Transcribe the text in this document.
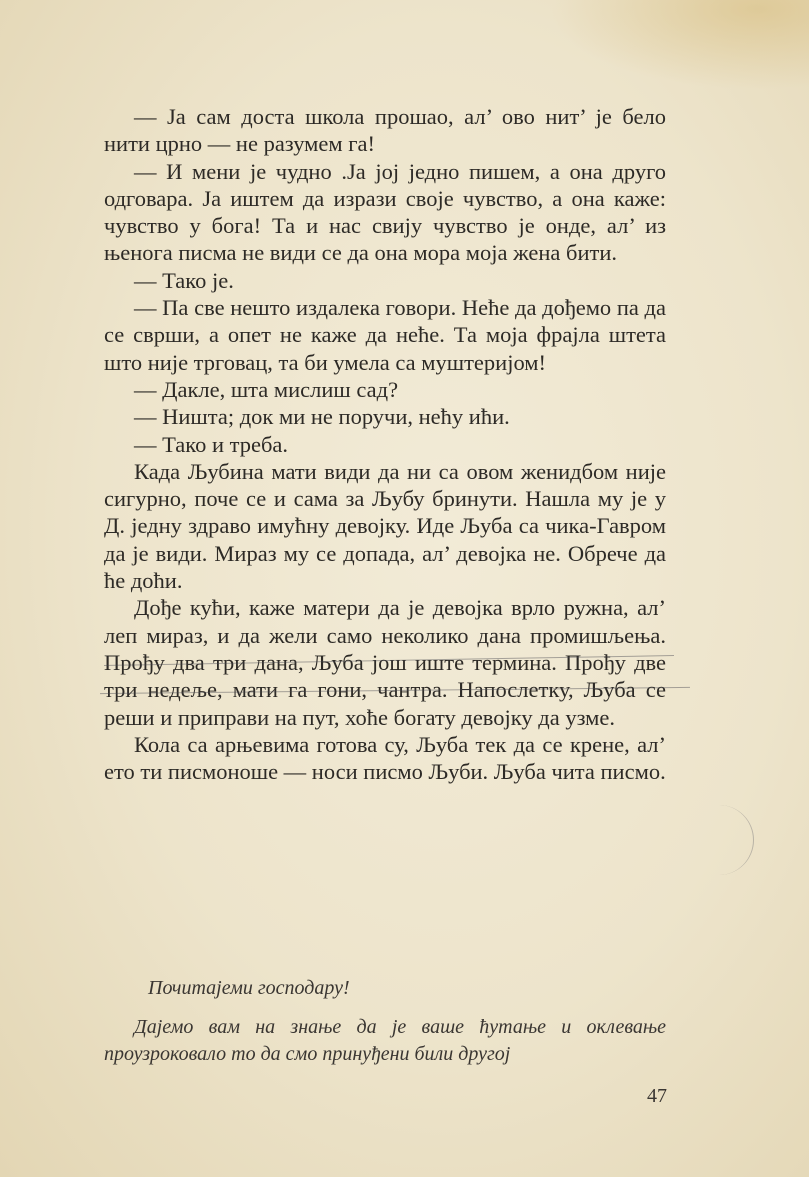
— Ја сам доста школа прошао, ал’ ово нит’ је бело нити црно — не разумем га!

— И мени је чудно .Ја јој једно пишем, а она друго одговара. Ја иштем да изрази своје чувство, а она каже: чувство у бога! Та и нас свију чувство је онде, ал’ из њенога писма не види се да она мора моја жена бити.

— Тако је.

— Па све нешто издалека говори. Неће да дођемо па да се сврши, а опет не каже да неће. Та моја фрајла штета што није трговац, та би умела са муштеријом!

— Дакле, шта мислиш сад?

— Ништа; док ми не поручи, нећу ићи.

— Тако и треба.

Када Љубина мати види да ни са овом женидбом није сигурно, поче се и сама за Љубу бринути. Нашла му је у Д. једну здраво имућну девојку. Иде Љуба са чика-Гавром да је види. Мираз му се допада, ал’ девојка не. Обрече да ће доћи.

Дође кући, каже матери да је девојка врло ружна, ал’ леп мираз, и да жели само неколико дана промишљења. Прођу два три дана, Љуба још иште термина. Прођу две три недеље, мати га гони, чантра. Напослетку, Љуба се реши и приправи на пут, хоће богату девојку да узме.

Кола са арњевима готова су, Љуба тек да се крене, ал’ ето ти писмоноше — носи писмо Љуби. Љуба чита писмо.

Почитајеми господару!

Дајемо вам на знање да је ваше ћутање и оклевање проузроковало то да смо принуђени били другој

47
